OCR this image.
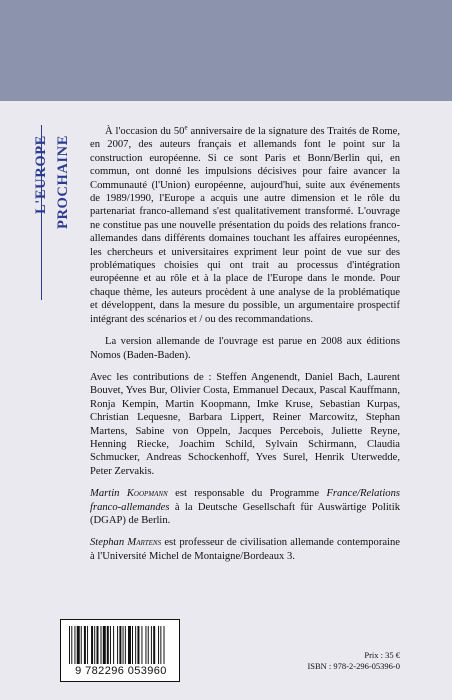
L'EUROPE PROCHAINE

À l'occasion du 50e anniversaire de la signature des Traités de Rome, en 2007, des auteurs français et allemands font le point sur la construction européenne. Si ce sont Paris et Bonn/Berlin qui, en commun, ont donné les impulsions décisives pour faire avancer la Communauté (l'Union) européenne, aujourd'hui, suite aux événements de 1989/1990, l'Europe a acquis une autre dimension et le rôle du partenariat franco-allemand s'est qualitativement transformé. L'ouvrage ne constitue pas une nouvelle présentation du poids des relations franco-allemandes dans différents domaines touchant les affaires européennes, les chercheurs et universitaires expriment leur point de vue sur des problématiques choisies qui ont trait au processus d'intégration européenne et au rôle et à la place de l'Europe dans le monde. Pour chaque thème, les auteurs procèdent à une analyse de la problématique et développent, dans la mesure du possible, un argumentaire prospectif intégrant des scénarios et / ou des recommandations.

La version allemande de l'ouvrage est parue en 2008 aux éditions Nomos (Baden-Baden).

Avec les contributions de : Steffen Angenendt, Daniel Bach, Laurent Bouvet, Yves Bur, Olivier Costa, Emmanuel Decaux, Pascal Kauffmann, Ronja Kempin, Martin Koopmann, Imke Kruse, Sebastian Kurpas, Christian Lequesne, Barbara Lippert, Reiner Marcowitz, Stephan Martens, Sabine von Oppeln, Jacques Percebois, Juliette Reyne, Henning Riecke, Joachim Schild, Sylvain Schirmann, Claudia Schmucker, Andreas Schockenhoff, Yves Surel, Henrik Uterwedde, Peter Zervakis.

Martin Koopmann est responsable du Programme France/Relations franco-allemandes à la Deutsche Gesellschaft für Auswärtige Politik (DGAP) de Berlin.

Stephan Martens est professeur de civilisation allemande contemporaine à l'Université Michel de Montaigne/Bordeaux 3.

9 782296 053960
Prix : 35 €
ISBN : 978-2-296-05396-0
